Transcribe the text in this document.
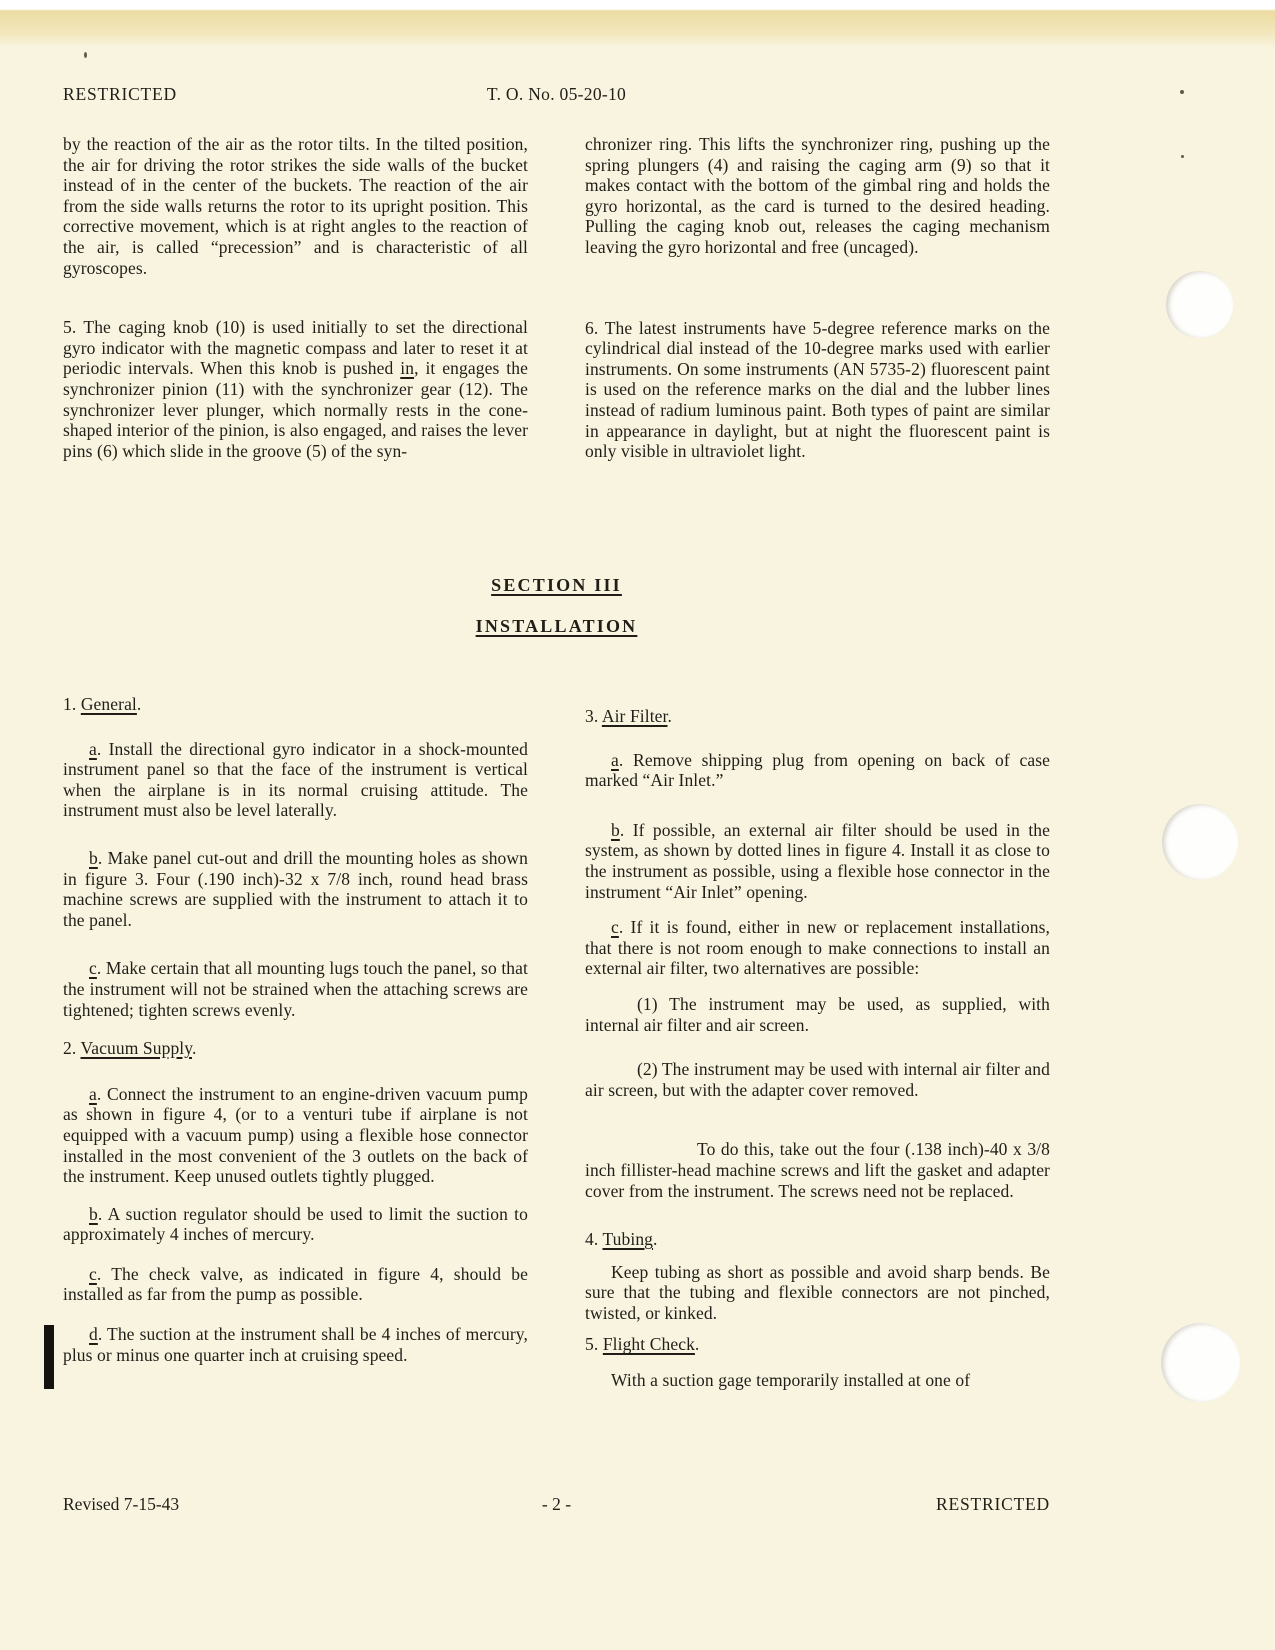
RESTRICTED	T. O. No. 05-20-10

by the reaction of the air as the rotor tilts. In the tilted position, the air for driving the rotor strikes the side walls of the bucket instead of in the center of the buckets. The reaction of the air from the side walls returns the rotor to its upright position. This corrective movement, which is at right angles to the reaction of the air, is called “precession” and is characteristic of all gyroscopes.

5. The caging knob (10) is used initially to set the directional gyro indicator with the magnetic compass and later to reset it at periodic intervals. When this knob is pushed in, it engages the synchronizer pinion (11) with the synchronizer gear (12). The synchronizer lever plunger, which normally rests in the cone-shaped interior of the pinion, is also engaged, and raises the lever pins (6) which slide in the groove (5) of the syn-

chronizer ring. This lifts the synchronizer ring, pushing up the spring plungers (4) and raising the caging arm (9) so that it makes contact with the bottom of the gimbal ring and holds the gyro horizontal, as the card is turned to the desired heading. Pulling the caging knob out, releases the caging mechanism leaving the gyro horizontal and free (uncaged).

6. The latest instruments have 5-degree reference marks on the cylindrical dial instead of the 10-degree marks used with earlier instruments. On some instruments (AN 5735-2) fluorescent paint is used on the reference marks on the dial and the lubber lines instead of radium luminous paint. Both types of paint are similar in appearance in daylight, but at night the fluorescent paint is only visible in ultraviolet light.

SECTION III

INSTALLATION

1. General.

a. Install the directional gyro indicator in a shock-mounted instrument panel so that the face of the instrument is vertical when the airplane is in its normal cruising attitude. The instrument must also be level laterally.

b. Make panel cut-out and drill the mounting holes as shown in figure 3. Four (.190 inch)-32 x 7/8 inch, round head brass machine screws are supplied with the instrument to attach it to the panel.

c. Make certain that all mounting lugs touch the panel, so that the instrument will not be strained when the attaching screws are tightened; tighten screws evenly.

2. Vacuum Supply.

a. Connect the instrument to an engine-driven vacuum pump as shown in figure 4, (or to a venturi tube if airplane is not equipped with a vacuum pump) using a flexible hose connector installed in the most convenient of the 3 outlets on the back of the instrument. Keep unused outlets tightly plugged.

b. A suction regulator should be used to limit the suction to approximately 4 inches of mercury.

c. The check valve, as indicated in figure 4, should be installed as far from the pump as possible.

d. The suction at the instrument shall be 4 inches of mercury, plus or minus one quarter inch at cruising speed.

3. Air Filter.

a. Remove shipping plug from opening on back of case marked “Air Inlet.”

b. If possible, an external air filter should be used in the system, as shown by dotted lines in figure 4. Install it as close to the instrument as possible, using a flexible hose connector in the instrument “Air Inlet” opening.

c. If it is found, either in new or replacement installations, that there is not room enough to make connections to install an external air filter, two alternatives are possible:

(1) The instrument may be used, as supplied, with internal air filter and air screen.

(2) The instrument may be used with internal air filter and air screen, but with the adapter cover removed.

To do this, take out the four (.138 inch)-40 x 3/8 inch fillister-head machine screws and lift the gasket and adapter cover from the instrument. The screws need not be replaced.

4. Tubing.

Keep tubing as short as possible and avoid sharp bends. Be sure that the tubing and flexible connectors are not pinched, twisted, or kinked.

5. Flight Check.

With a suction gage temporarily installed at one of

Revised 7-15-43	- 2 -	RESTRICTED
